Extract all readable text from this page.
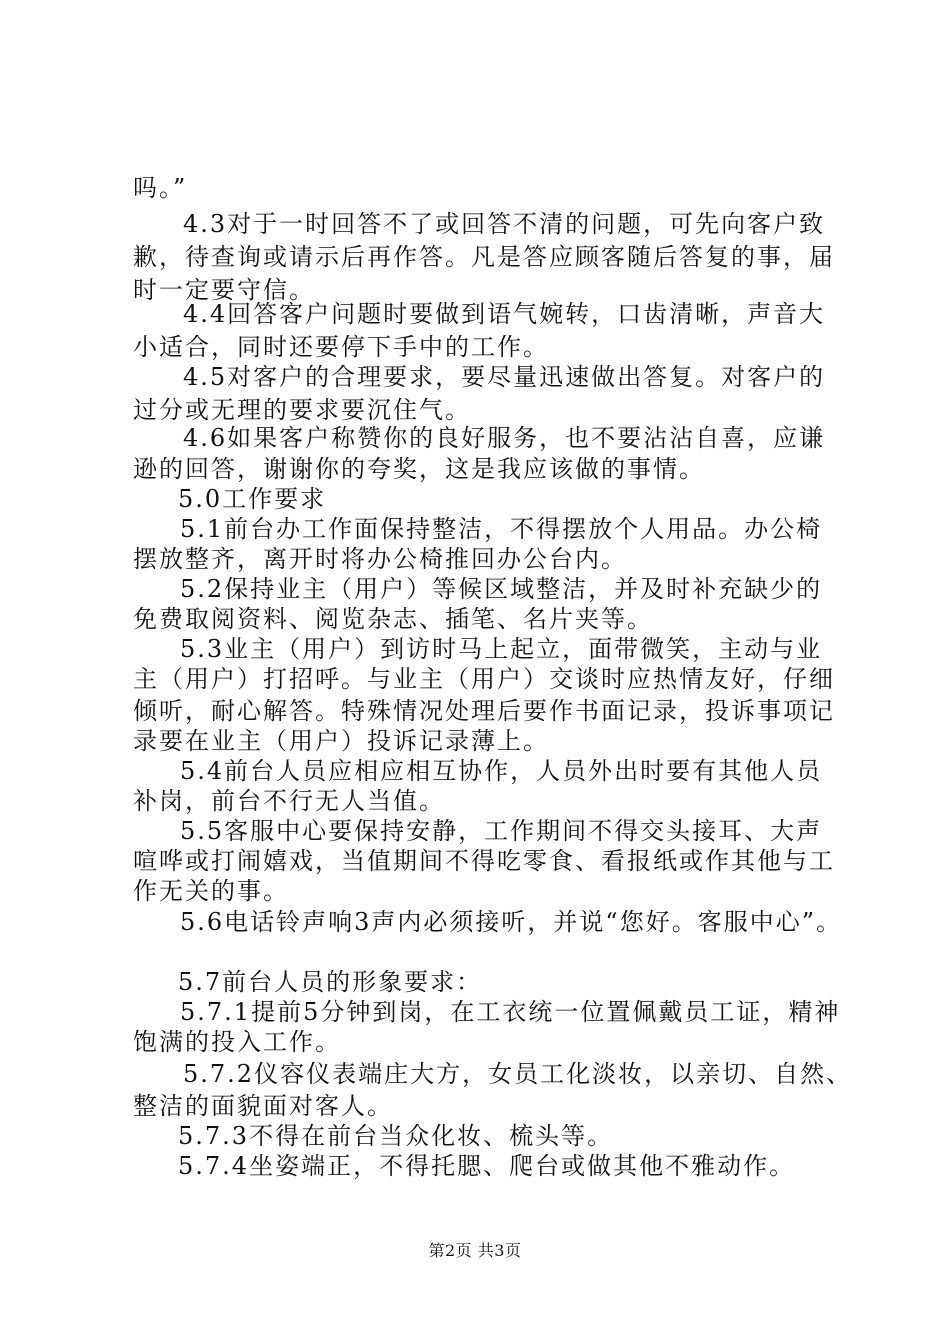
吗。”
4.3对于一时回答不了或回答不清的问题，可先向客户致
歉，待查询或请示后再作答。凡是答应顾客随后答复的事，届
时一定要守信。
4.4回答客户问题时要做到语气婉转，口齿清晰，声音大
小适合，同时还要停下手中的工作。
4.5对客户的合理要求，要尽量迅速做出答复。对客户的
过分或无理的要求要沉住气。
4.6如果客户称赞你的良好服务，也不要沾沾自喜，应谦
逊的回答，谢谢你的夸奖，这是我应该做的事情。
5.0工作要求
5.1前台办工作面保持整洁，不得摆放个人用品。办公椅
摆放整齐，离开时将办公椅推回办公台内。
5.2保持业主（用户）等候区域整洁，并及时补充缺少的
免费取阅资料、阅览杂志、插笔、名片夹等。
5.3业主（用户）到访时马上起立，面带微笑，主动与业
主（用户）打招呼。与业主（用户）交谈时应热情友好，仔细
倾听，耐心解答。特殊情况处理后要作书面记录，投诉事项记
录要在业主（用户）投诉记录薄上。
5.4前台人员应相应相互协作，人员外出时要有其他人员
补岗，前台不行无人当值。
5.5客服中心要保持安静，工作期间不得交头接耳、大声
喧哗或打闹嬉戏，当值期间不得吃零食、看报纸或作其他与工
作无关的事。
5.6电话铃声响3声内必须接听，并说“您好。客服中心”。
5.7前台人员的形象要求：
5.7.1提前5分钟到岗，在工衣统一位置佩戴员工证，精神
饱满的投入工作。
5.7.2仪容仪表端庄大方，女员工化淡妆，以亲切、自然、
整洁的面貌面对客人。
5.7.3不得在前台当众化妆、梳头等。
5.7.4坐姿端正，不得托腮、爬台或做其他不雅动作。
第2页 共3页
